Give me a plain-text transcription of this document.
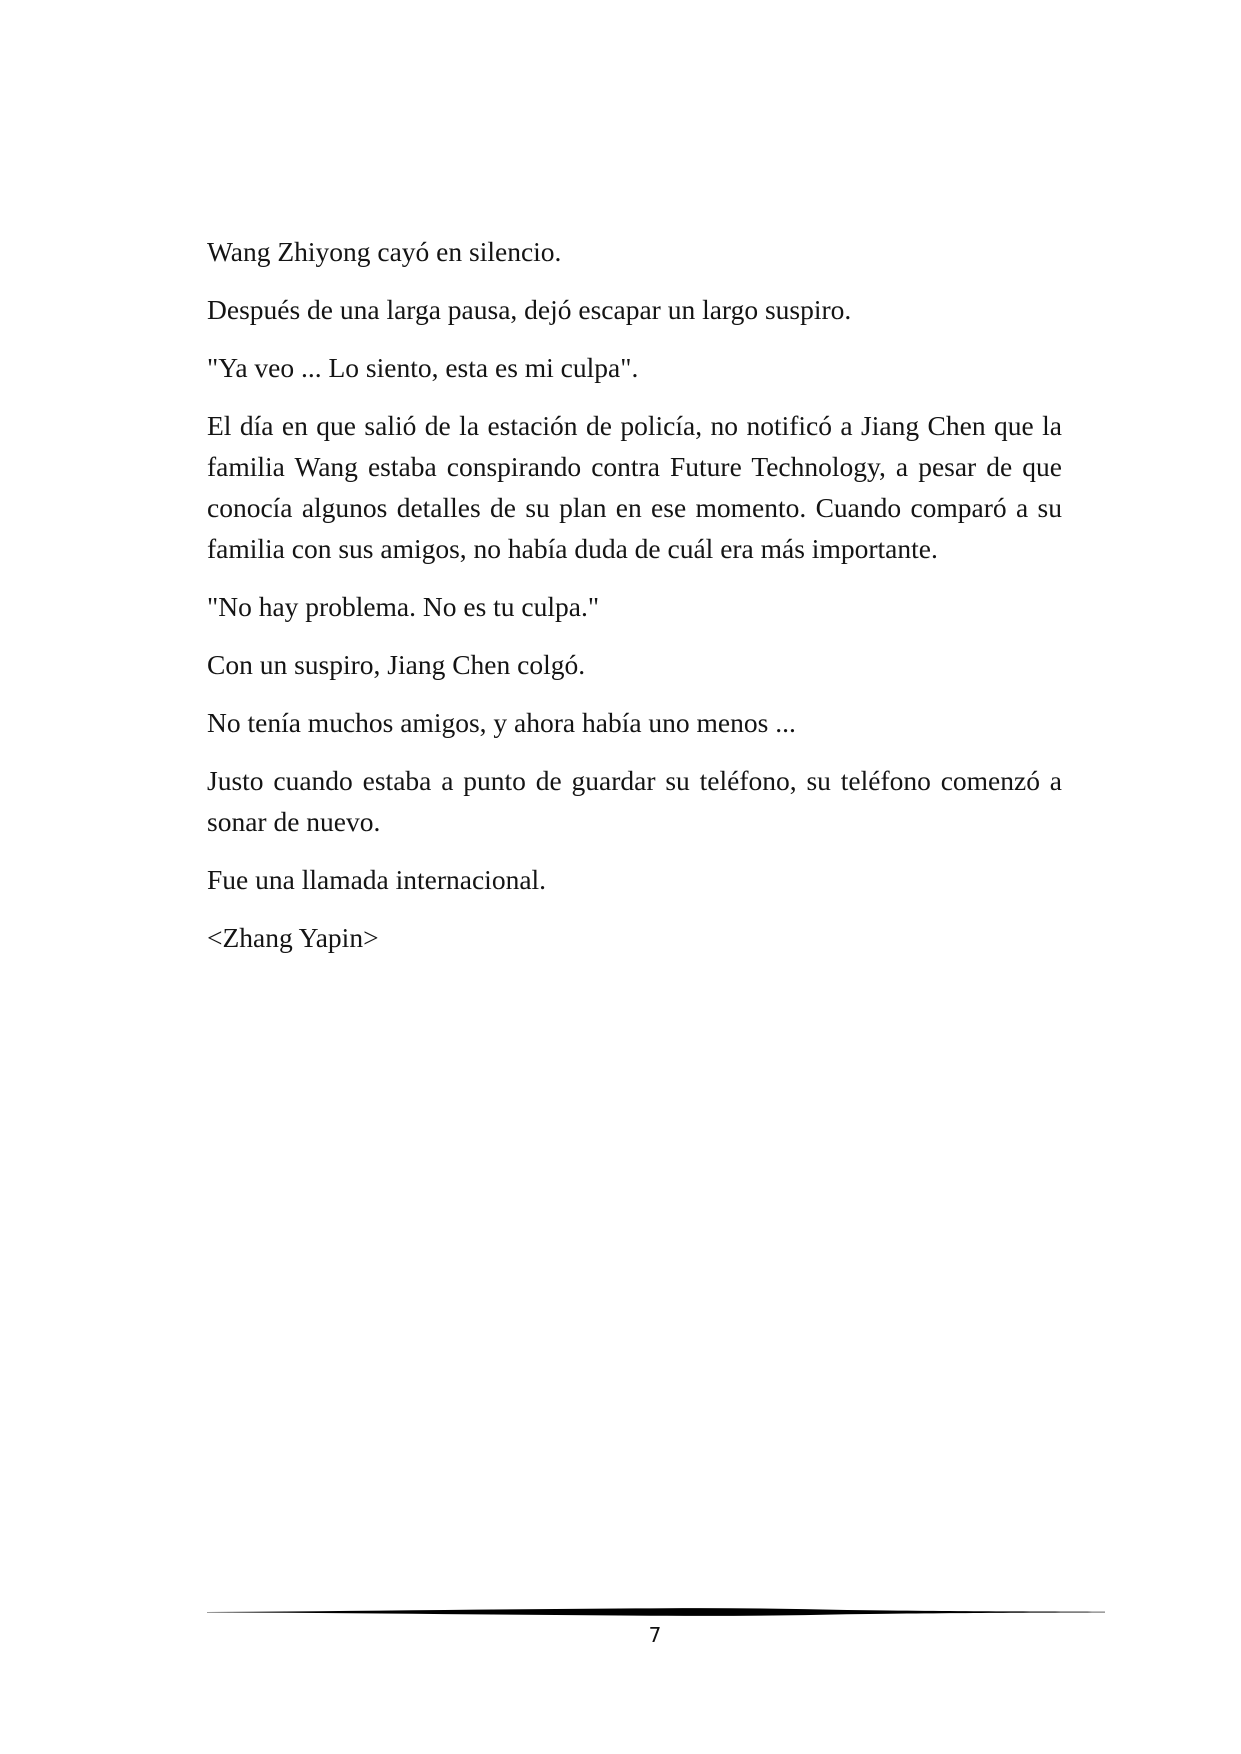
Wang Zhiyong cayó en silencio.

Después de una larga pausa, dejó escapar un largo suspiro.

"Ya veo ... Lo siento, esta es mi culpa".

El día en que salió de la estación de policía, no notificó a Jiang Chen que la familia Wang estaba conspirando contra Future Technology, a pesar de que conocía algunos detalles de su plan en ese momento. Cuando comparó a su familia con sus amigos, no había duda de cuál era más importante.

"No hay problema. No es tu culpa."

Con un suspiro, Jiang Chen colgó.

No tenía muchos amigos, y ahora había uno menos ...

Justo cuando estaba a punto de guardar su teléfono, su teléfono comenzó a sonar de nuevo.

Fue una llamada internacional.

<Zhang Yapin>

7
